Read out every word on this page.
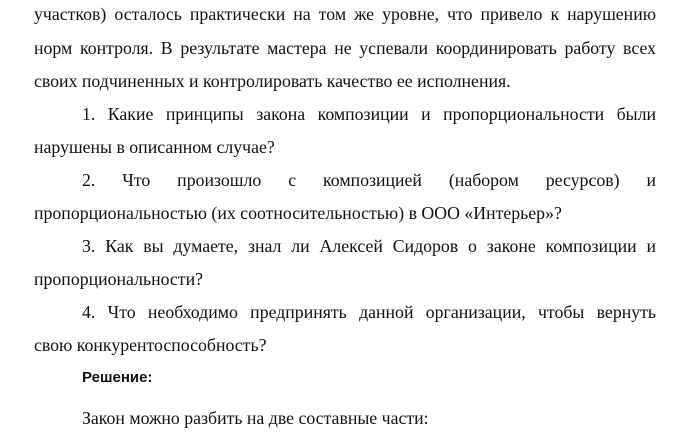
участков) осталось практически на том же уровне, что привело к нарушению

норм контроля. В результате мастера не успевали координировать работу всех

своих подчиненных и контролировать качество ее исполнения.

1. Какие принципы закона композиции и пропорциональности были

нарушены в описанном случае?

2. Что произошло с композицией (набором ресурсов) и

пропорциональностью (их соотносительностью) в ООО «Интерьер»?

3. Как вы думаете, знал ли Алексей Сидоров о законе композиции и

пропорциональности?

4. Что необходимо предпринять данной организации, чтобы вернуть

свою конкурентоспособность?

Решение:

Закон можно разбить на две составные части:
